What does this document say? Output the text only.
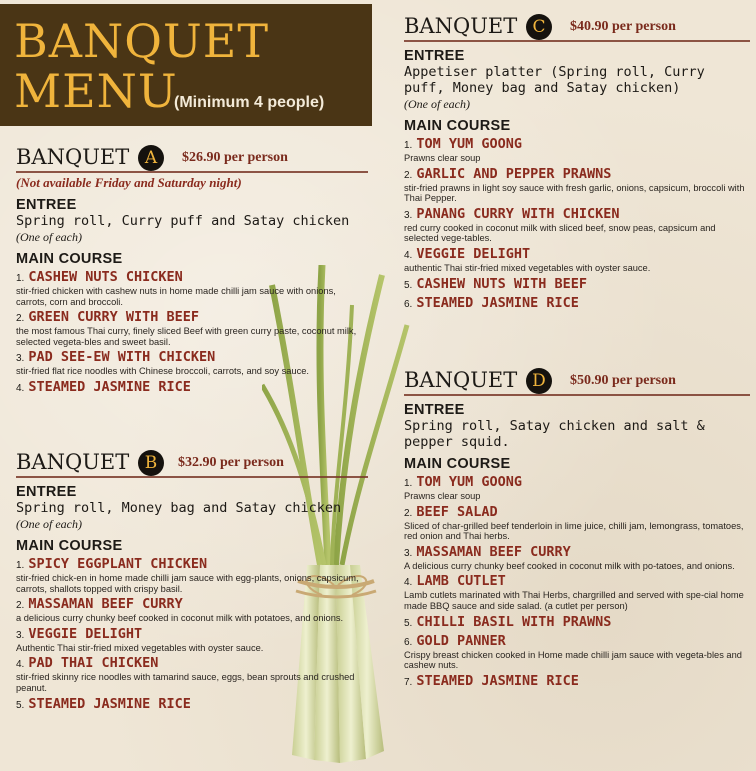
BANQUET
MENU
(Minimum 4 people)
BANQUET A	$26.90 per person
(Not available Friday and Saturday night)
ENTREE
Spring roll, Curry puff and Satay chicken (One of each)
MAIN COURSE
1. CASHEW NUTS CHICKEN
stir-fried chicken with cashew nuts in home made chilli jam sauce with onions, carrots, corn and broccoli.
2. GREEN CURRY WITH BEEF
the most famous Thai curry, finely sliced Beef with green curry paste, coconut milk, selected vegeta-bles and sweet basil.
3. PAD SEE-EW WITH CHICKEN
stir-fried flat rice noodles with Chinese broccoli, carrots, and soy sauce.
4. STEAMED JASMINE RICE
BANQUET B	$32.90 per person
ENTREE
Spring roll, Money bag and Satay chicken (One of each)
MAIN COURSE
1. SPICY EGGPLANT CHICKEN
stir-fried chick-en in home made chilli jam sauce with egg-plants, onions, capsicum, carrots, shallots topped with crispy basil.
2. MASSAMAN BEEF CURRY
a delicious curry chunky beef cooked in coconut milk with potatoes, and onions.
3. VEGGIE DELIGHT
Authentic Thai stir-fried mixed vegetables with oyster sauce.
4. PAD THAI CHICKEN
stir-fried skinny rice noodles with tamarind sauce, eggs, bean sprouts and crushed peanut.
5. STEAMED JASMINE RICE
BANQUET C	$40.90 per person
ENTREE
Appetiser platter (Spring roll, Curry puff, Money bag and Satay chicken)
(One of each)
MAIN COURSE
1. TOM YUM GOONG
Prawns clear soup
2. GARLIC AND PEPPER PRAWNS
stir-fried prawns in light soy sauce with fresh garlic, onions, capsicum, broccoli with Thai Pepper.
3. PANANG CURRY WITH CHICKEN
red curry cooked in coconut milk with sliced beef, snow peas, capsicum and selected vege-tables.
4. VEGGIE DELIGHT
authentic Thai stir-fried mixed vegetables with oyster sauce.
5. CASHEW NUTS WITH BEEF
6. STEAMED JASMINE RICE
BANQUET D	$50.90 per person
ENTREE
Spring roll, Satay chicken and salt & pepper squid.
MAIN COURSE
1. TOM YUM GOONG
Prawns clear soup
2. BEEF SALAD
Sliced of char-grilled beef tenderloin in lime juice, chilli jam, lemongrass, tomatoes, red onion and Thai herbs.
3. MASSAMAN BEEF CURRY
A delicious curry chunky beef cooked in coconut milk with po-tatoes, and onions.
4. LAMB CUTLET
Lamb cutlets marinated with Thai Herbs, chargrilled and served with spe-cial home made BBQ sauce and side salad. (a cutlet per person)
5. CHILLI BASIL WITH PRAWNS
6. GOLD PANNER
Crispy breast chicken cooked in Home made chilli jam sauce with vegeta-bles and cashew nuts.
7. STEAMED JASMINE RICE
